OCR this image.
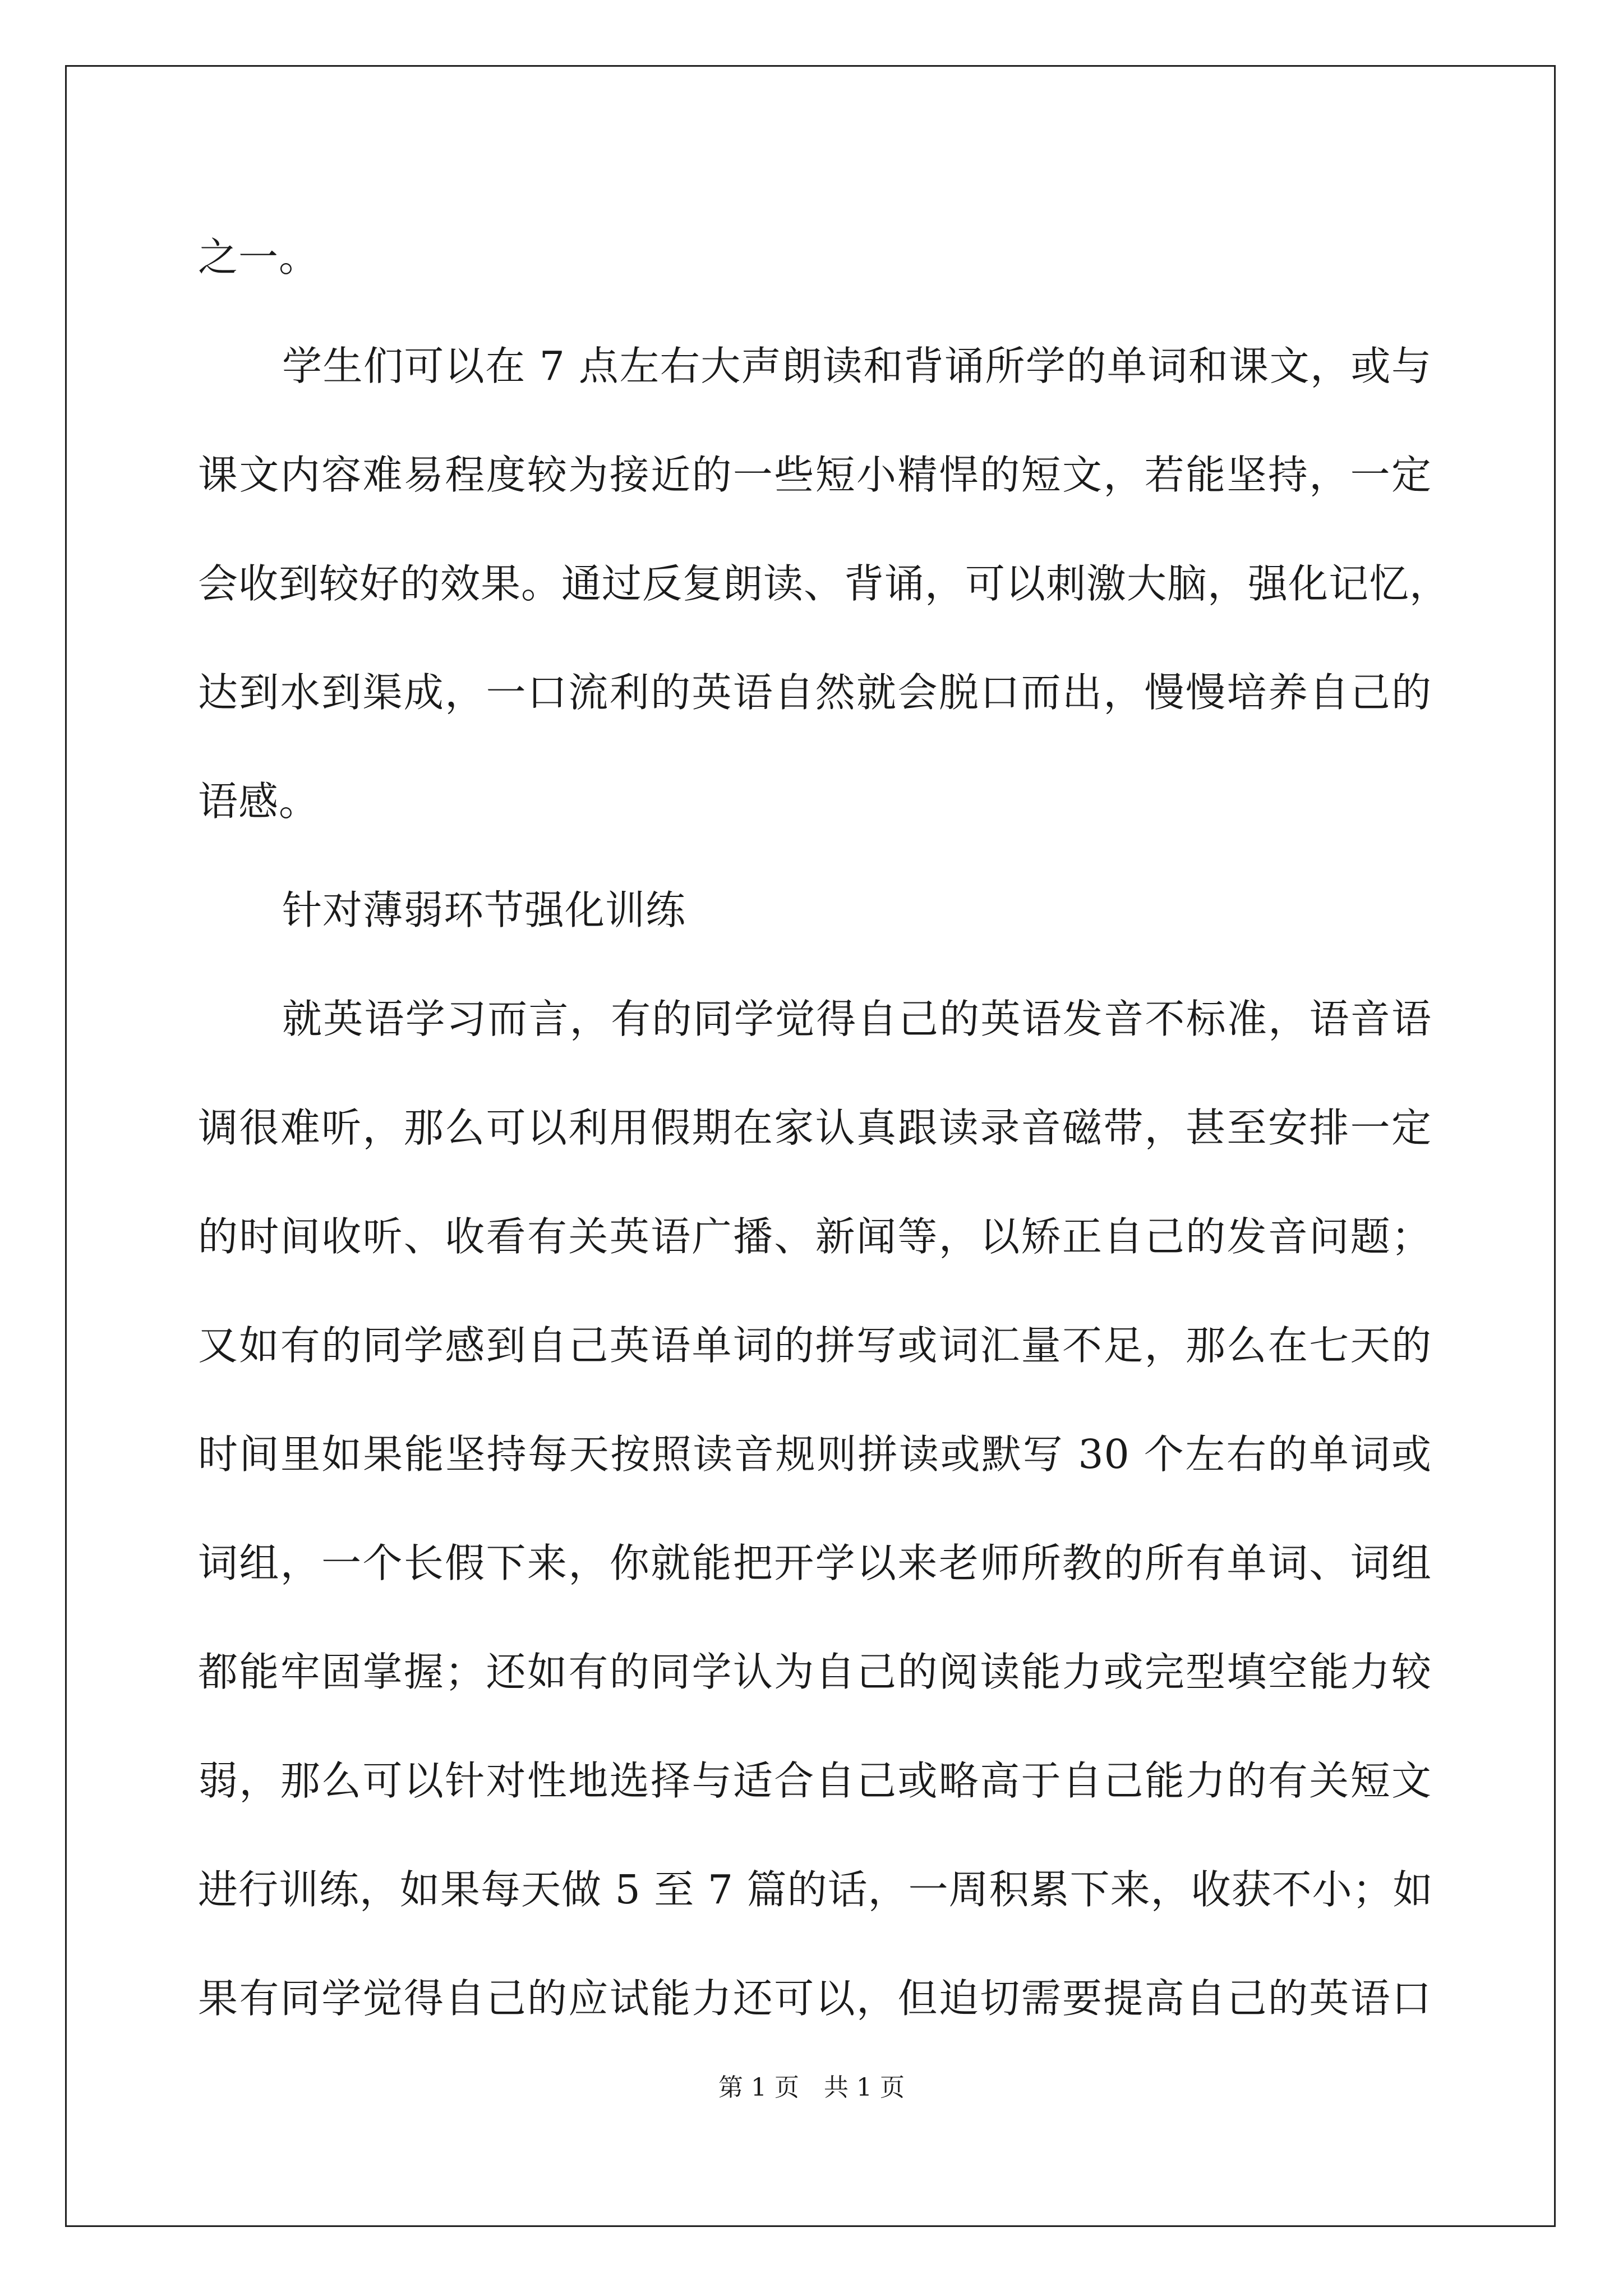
之一。

学生们可以在 7 点左右大声朗读和背诵所学的单词和课文，或与

课文内容难易程度较为接近的一些短小精悍的短文，若能坚持，一定

会收到较好的效果。通过反复朗读、背诵，可以刺激大脑，强化记忆，

达到水到渠成，一口流利的英语自然就会脱口而出，慢慢培养自己的

语感。

针对薄弱环节强化训练

就英语学习而言，有的同学觉得自己的英语发音不标准，语音语

调很难听，那么可以利用假期在家认真跟读录音磁带，甚至安排一定

的时间收听、收看有关英语广播、新闻等，以矫正自己的发音问题；

又如有的同学感到自己英语单词的拼写或词汇量不足，那么在七天的

时间里如果能坚持每天按照读音规则拼读或默写 30 个左右的单词或

词组，一个长假下来，你就能把开学以来老师所教的所有单词、词组

都能牢固掌握；还如有的同学认为自己的阅读能力或完型填空能力较

弱，那么可以针对性地选择与适合自己或略高于自己能力的有关短文

进行训练，如果每天做 5 至 7 篇的话，一周积累下来，收获不小；如

果有同学觉得自己的应试能力还可以，但迫切需要提高自己的英语口

第 1 页　共 1 页
